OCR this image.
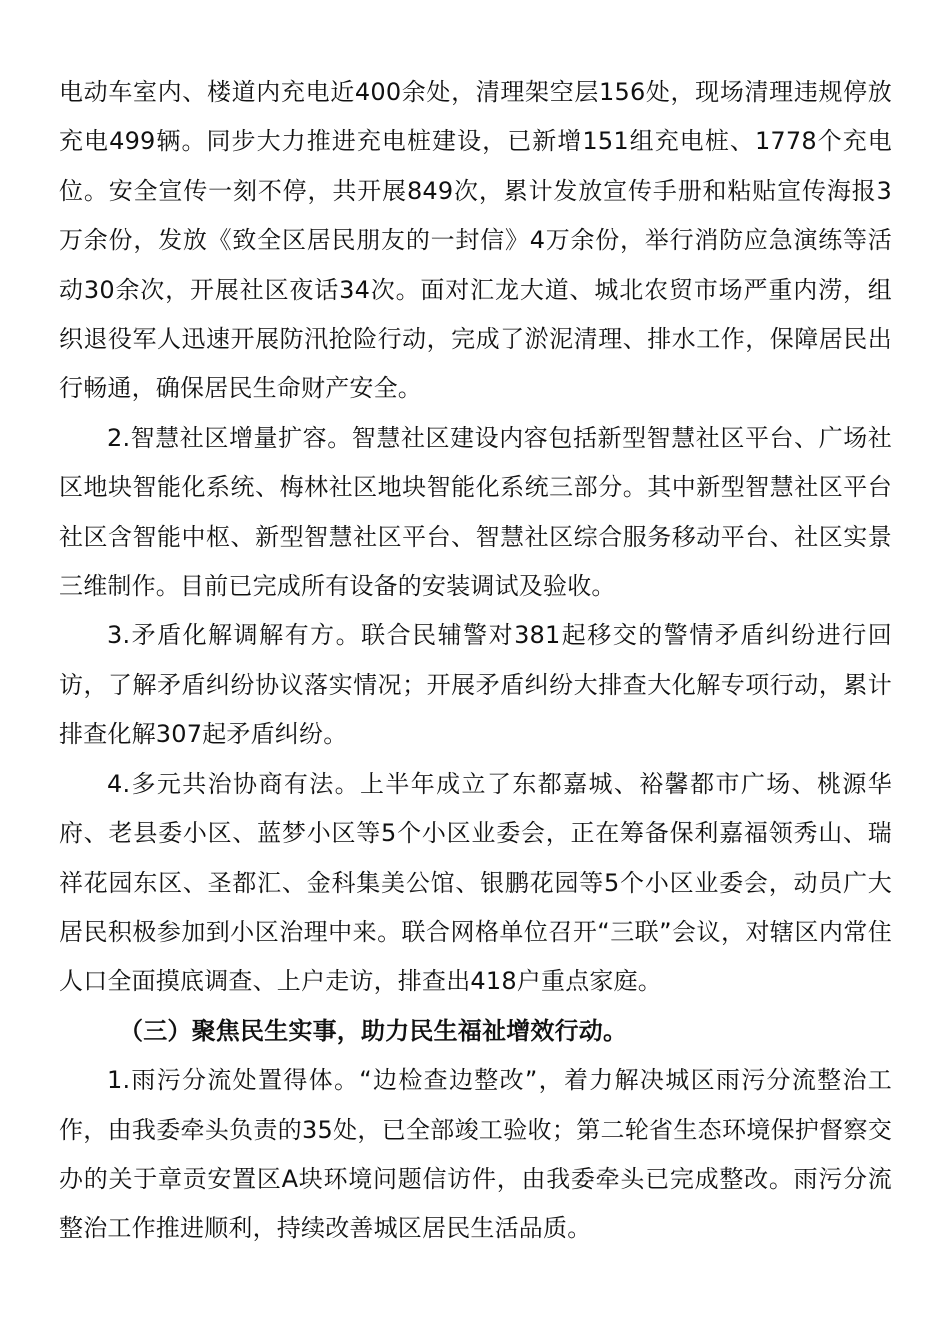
电动车室内、楼道内充电近400余处，清理架空层156处，现场清理违规停放充电499辆。同步大力推进充电桩建设，已新增151组充电桩、1778个充电位。安全宣传一刻不停，共开展849次，累计发放宣传手册和粘贴宣传海报3万余份，发放《致全区居民朋友的一封信》4万余份，举行消防应急演练等活动30余次，开展社区夜话34次。面对汇龙大道、城北农贸市场严重内涝，组织退役军人迅速开展防汛抢险行动，完成了淤泥清理、排水工作，保障居民出行畅通，确保居民生命财产安全。

2.智慧社区增量扩容。智慧社区建设内容包括新型智慧社区平台、广场社区地块智能化系统、梅林社区地块智能化系统三部分。其中新型智慧社区平台社区含智能中枢、新型智慧社区平台、智慧社区综合服务移动平台、社区实景三维制作。目前已完成所有设备的安装调试及验收。

3.矛盾化解调解有方。联合民辅警对381起移交的警情矛盾纠纷进行回访，了解矛盾纠纷协议落实情况；开展矛盾纠纷大排查大化解专项行动，累计排查化解307起矛盾纠纷。

4.多元共治协商有法。上半年成立了东都嘉城、裕馨都市广场、桃源华府、老县委小区、蓝梦小区等5个小区业委会，正在筹备保利嘉福领秀山、瑞祥花园东区、圣都汇、金科集美公馆、银鹏花园等5个小区业委会，动员广大居民积极参加到小区治理中来。联合网格单位召开“三联”会议，对辖区内常住人口全面摸底调查、上户走访，排查出418户重点家庭。

（三）聚焦民生实事，助力民生福祉增效行动。

1.雨污分流处置得体。“边检查边整改”，着力解决城区雨污分流整治工作，由我委牵头负责的35处，已全部竣工验收；第二轮省生态环境保护督察交办的关于章贡安置区A块环境问题信访件，由我委牵头已完成整改。雨污分流整治工作推进顺利，持续改善城区居民生活品质。
